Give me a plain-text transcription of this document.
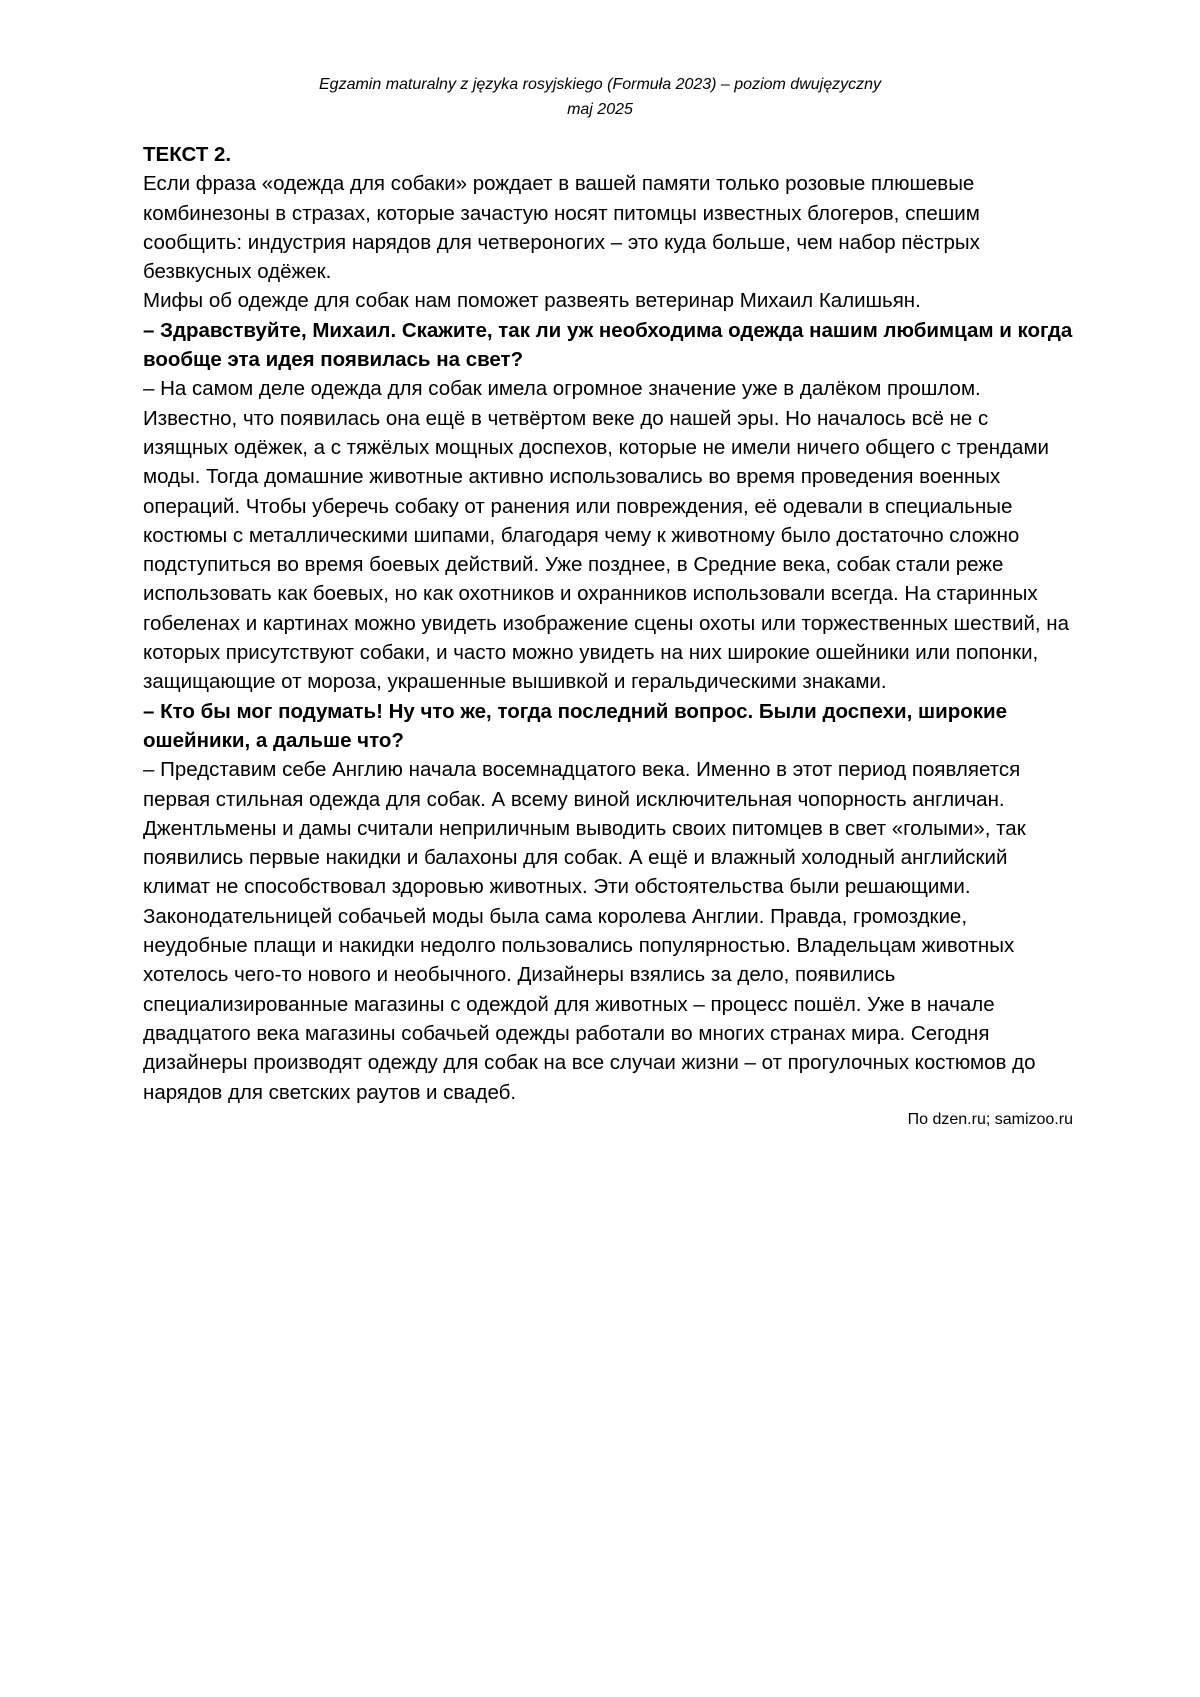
Egzamin maturalny z języka rosyjskiego (Formuła 2023) – poziom dwujęzyczny
maj 2025

ТЕКСТ 2.

Если фраза «одежда для собаки» рождает в вашей памяти только розовые плюшевые комбинезоны в стразах, которые зачастую носят питомцы известных блогеров, спешим сообщить: индустрия нарядов для четвероногих – это куда больше, чем набор пёстрых безвкусных одёжек.

Мифы об одежде для собак нам поможет развеять ветеринар Михаил Калишьян.

– Здравствуйте, Михаил. Скажите, так ли уж необходима одежда нашим любимцам и когда вообще эта идея появилась на свет?

– На самом деле одежда для собак имела огромное значение уже в далёком прошлом. Известно, что появилась она ещё в четвёртом веке до нашей эры. Но началось всё не с изящных одёжек, а с тяжёлых мощных доспехов, которые не имели ничего общего с трендами моды. Тогда домашние животные активно использовались во время проведения военных операций. Чтобы уберечь собаку от ранения или повреждения, её одевали в специальные костюмы с металлическими шипами, благодаря чему к животному было достаточно сложно подступиться во время боевых действий. Уже позднее, в Средние века, собак стали реже использовать как боевых, но как охотников и охранников использовали всегда. На старинных гобеленах и картинах можно увидеть изображение сцены охоты или торжественных шествий, на которых присутствуют собаки, и часто можно увидеть на них широкие ошейники или попонки, защищающие от мороза, украшенные вышивкой и геральдическими знаками.

– Кто бы мог подумать! Ну что же, тогда последний вопрос. Были доспехи, широкие ошейники, а дальше что?

– Представим себе Англию начала восемнадцатого века. Именно в этот период появляется первая стильная одежда для собак. А всему виной исключительная чопорность англичан. Джентльмены и дамы считали неприличным выводить своих питомцев в свет «голыми», так появились первые накидки и балахоны для собак. А ещё и влажный холодный английский климат не способствовал здоровью животных. Эти обстоятельства были решающими. Законодательницей собачьей моды была сама королева Англии. Правда, громоздкие, неудобные плащи и накидки недолго пользовались популярностью. Владельцам животных хотелось чего-то нового и необычного. Дизайнеры взялись за дело, появились специализированные магазины с одеждой для животных – процесс пошёл. Уже в начале двадцатого века магазины собачьей одежды работали во многих странах мира. Сегодня дизайнеры производят одежду для собак на все случаи жизни – от прогулочных костюмов до нарядов для светских раутов и свадеб.

По dzen.ru; samizoo.ru
